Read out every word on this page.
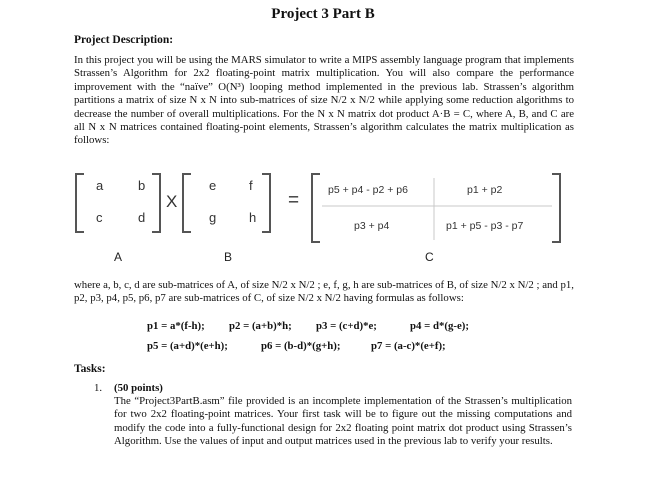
Project 3 Part B
Project Description:
In this project you will be using the MARS simulator to write a MIPS assembly language program that implements Strassen’s Algorithm for 2x2 floating-point matrix multiplication. You will also compare the performance improvement with the “naïve” O(N³) looping method implemented in the previous lab. Strassen’s algorithm partitions a matrix of size N x N into sub-matrices of size N/2 x N/2 while applying some reduction algorithms to decrease the number of overall multiplications. For the N x N matrix dot product A·B = C, where A, B, and C are all N x N matrices contained floating-point elements, Strassen’s algorithm calculates the matrix multiplication as follows:
a	b
c	d
X
e	f
g	h
=	p5 + p4 - p2 + p6	p1 + p2
p3 + p4	p1 + p5 - p3 - p7
A	B	C
where a, b, c, d are sub-matrices of A, of size N/2 x N/2 ; e, f, g, h are sub-matrices of B, of size N/2 x N/2 ; and p1, p2, p3, p4, p5, p6, p7 are sub-matrices of C, of size N/2 x N/2 having formulas as follows:
p1 = a*(f-h); p2 = (a+b)*h; p3 = (c+d)*e;	p4 = d*(g-e);
p5 = (a+d)*(e+h);	p6 = (b-d)*(g+h);	p7 = (a-c)*(e+f);
Tasks:
1. (50 points)
The “Project3PartB.asm” file provided is an incomplete implementation of the Strassen’s multiplication for two 2x2 floating-point matrices. Your first task will be to figure out the missing computations and modify the code into a fully-functional design for 2x2 floating point matrix dot product using Strassen’s Algorithm. Use the values of input and output matrices used in the previous lab to verify your results.
